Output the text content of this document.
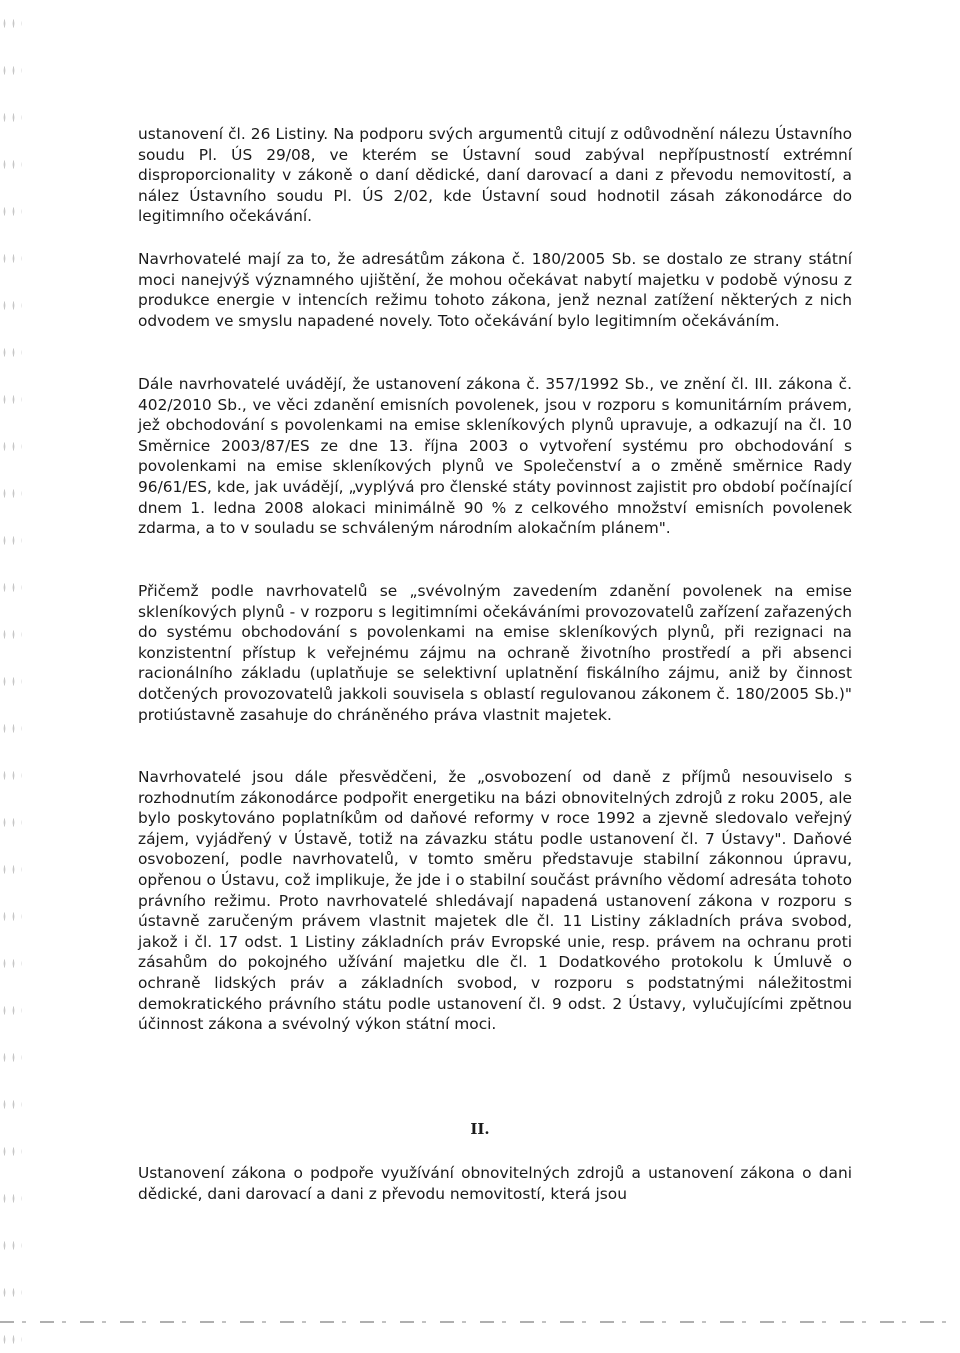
ustanovení čl. 26 Listiny. Na podporu svých argumentů citují z odůvodnění nálezu Ústavního soudu Pl. ÚS 29/08, ve kterém se Ústavní soud zabýval nepřípustností extrémní disproporcionality v zákoně o daní dědické, daní darovací a dani z převodu nemovitostí, a nález Ústavního soudu Pl. ÚS 2/02, kde Ústavní soud hodnotil zásah zákonodárce do legitimního očekávání.

Navrhovatelé mají za to, že adresátům zákona č. 180/2005 Sb. se dostalo ze strany státní moci nanejvýš významného ujištění, že mohou očekávat nabytí majetku v podobě výnosu z produkce energie v intencích režimu tohoto zákona, jenž neznal zatížení některých z nich odvodem ve smyslu napadené novely. Toto očekávání bylo legitimním očekáváním.

Dále navrhovatelé uvádějí, že ustanovení zákona č. 357/1992 Sb., ve znění čl. III. zákona č. 402/2010 Sb., ve věci zdanění emisních povolenek, jsou v rozporu s komunitárním právem, jež obchodování s povolenkami na emise skleníkových plynů upravuje, a odkazují na čl. 10 Směrnice 2003/87/ES ze dne 13. října 2003 o vytvoření systému pro obchodování s povolenkami na emise skleníkových plynů ve Společenství a o změně směrnice Rady 96/61/ES, kde, jak uvádějí, „vyplývá pro členské státy povinnost zajistit pro období počínající dnem 1. ledna 2008 alokaci minimálně 90 % z celkového množství emisních povolenek zdarma, a to v souladu se schváleným národním alokačním plánem".

Přičemž podle navrhovatelů se „svévolným zavedením zdanění povolenek na emise skleníkových plynů - v rozporu s legitimními očekáváními provozovatelů zařízení zařazených do systému obchodování s povolenkami na emise skleníkových plynů, při rezignaci na konzistentní přístup k veřejnému zájmu na ochraně životního prostředí a při absenci racionálního základu (uplatňuje se selektivní uplatnění fiskálního zájmu, aniž by činnost dotčených provozovatelů jakkoli souvisela s oblastí regulovanou zákonem č. 180/2005 Sb.)" protiústavně zasahuje do chráněného práva vlastnit majetek.

Navrhovatelé jsou dále přesvědčeni, že „osvobození od daně z příjmů nesouviselo s rozhodnutím zákonodárce podpořit energetiku na bázi obnovitelných zdrojů z roku 2005, ale bylo poskytováno poplatníkům od daňové reformy v roce 1992 a zjevně sledovalo veřejný zájem, vyjádřený v Ústavě, totiž na závazku státu podle ustanovení čl. 7 Ústavy". Daňové osvobození, podle navrhovatelů, v tomto směru představuje stabilní zákonnou úpravu, opřenou o Ústavu, což implikuje, že jde i o stabilní součást právního vědomí adresáta tohoto právního režimu. Proto navrhovatelé shledávají napadená ustanovení zákona v rozporu s ústavně zaručeným právem vlastnit majetek dle čl. 11 Listiny základních práva svobod, jakož i čl. 17 odst. 1 Listiny základních práv Evropské unie, resp. právem na ochranu proti zásahům do pokojného užívání majetku dle čl. 1 Dodatkového protokolu k Úmluvě o ochraně lidských práv a základních svobod, v rozporu s podstatnými náležitostmi demokratického právního státu podle ustanovení čl. 9 odst. 2 Ústavy, vylučujícími zpětnou účinnost zákona a svévolný výkon státní moci.

II.

Ustanovení zákona o podpoře využívání obnovitelných zdrojů a ustanovení zákona o dani dědické, dani darovací a dani z převodu nemovitostí, která jsou
